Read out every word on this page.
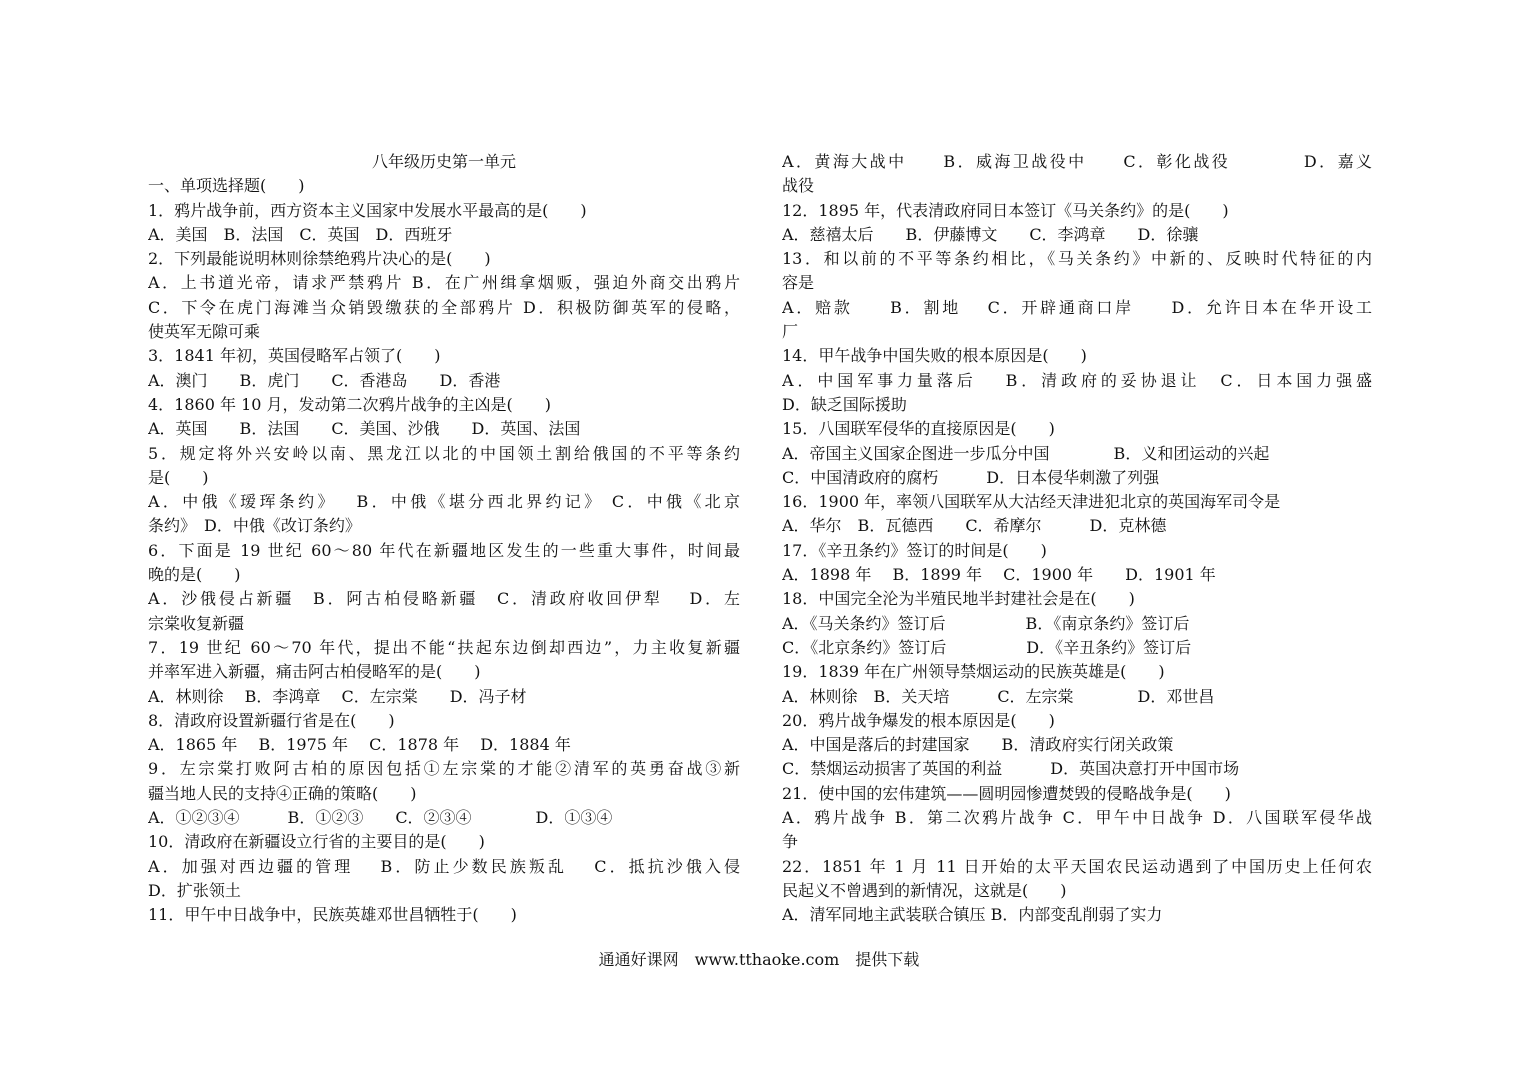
八年级历史第一单元
一、单项选择题(　　)
1．鸦片战争前，西方资本主义国家中发展水平最高的是(　　)
A．美国　B．法国　C．英国　D．西班牙
2．下列最能说明林则徐禁绝鸦片决心的是(　　)
A．上书道光帝，请求严禁鸦片 B．在广州缉拿烟贩，强迫外商交出鸦片
C．下令在虎门海滩当众销毁缴获的全部鸦片 D．积极防御英军的侵略，
使英军无隙可乘
3．1841 年初，英国侵略军占领了(　　)
A．澳门　　B．虎门　　C．香港岛　　D．香港
4．1860 年 10 月，发动第二次鸦片战争的主凶是(　　)
A．英国　　B．法国　　C．美国、沙俄　　D．英国、法国
5．规定将外兴安岭以南、黑龙江以北的中国领土割给俄国的不平等条约
是(　　)
A．中俄《瑷珲条约》　 B．中俄《堪分西北界约记》 C．中俄《北京
条约》　D．中俄《改订条约》
6．下面是 19 世纪 60～80 年代在新疆地区发生的一些重大事件，时间最
晚的是(　　)
A．沙俄侵占新疆　B．阿古柏侵略新疆　C．清政府收回伊犁　 D．左
宗棠收复新疆
7．19 世纪 60～70 年代，提出不能“扶起东边倒却西边”，力主收复新疆
并率军进入新疆，痛击阿古柏侵略军的是(　　)
A．林则徐　 B．李鸿章　 C．左宗棠　　D．冯子材
8．清政府设置新疆行省是在(　　)
A．1865 年　 B．1975 年　 C．1878 年　 D．1884 年
9．左宗棠打败阿古柏的原因包括①左宗棠的才能②清军的英勇奋战③新
疆当地人民的支持④正确的策略(　　)
A．①②③④　　　B．①②③　　C．②③④　　　　D．①③④
10．清政府在新疆设立行省的主要目的是(　　)
A．加强对西边疆的管理　 B．防止少数民族叛乱　 C．抵抗沙俄入侵
D．扩张领土
11．甲午中日战争中，民族英雄邓世昌牺牲于(　　)
A．黄海大战中　　B．威海卫战役中　　C．彰化战役　　　　D．嘉义
战役
12．1895 年，代表清政府同日本签订《马关条约》的是(　　)
A．慈禧太后　　B．伊藤博文　　C．李鸿章　　D．徐骧
13．和以前的不平等条约相比，《马关条约》中新的、反映时代特征的内
容是
A．赔款　　B．割地　 C．开辟通商口岸　　D．允许日本在华开设工
厂
14．甲午战争中国失败的根本原因是(　　)
A．中国军事力量落后　 B．清政府的妥协退让　C．日本国力强盛
D．缺乏国际援助
15．八国联军侵华的直接原因是(　　)
A．帝国主义国家企图进一步瓜分中国　　　　B．义和团运动的兴起
C．中国清政府的腐朽　　　D．日本侵华刺激了列强
16．1900 年，率领八国联军从大沽经天津进犯北京的英国海军司令是
A．华尔　B．瓦德西　　C．希摩尔　　　D．克林德
17．《辛丑条约》签订的时间是(　　)
A．1898 年　 B．1899 年　 C．1900 年　　D．1901 年
18．中国完全沦为半殖民地半封建社会是在(　　)
A．《马关条约》签订后　　　　　B．《南京条约》签订后
C．《北京条约》签订后　　　　　D．《辛丑条约》签订后
19．1839 年在广州领导禁烟运动的民族英雄是(　　)
A．林则徐　B．关天培　　　C．左宗棠　　　　D．邓世昌
20．鸦片战争爆发的根本原因是(　　)
A．中国是落后的封建国家　　B．清政府实行闭关政策
C．禁烟运动损害了英国的利益　　　D．英国决意打开中国市场
21．使中国的宏伟建筑——圆明园惨遭焚毁的侵略战争是(　　)
A．鸦片战争 B．第二次鸦片战争 C．甲午中日战争 D．八国联军侵华战
争
22．1851 年 1 月 11 日开始的太平天国农民运动遇到了中国历史上任何农
民起义不曾遇到的新情况，这就是(　　)
A．清军同地主武装联合镇压 B．内部变乱削弱了实力
通通好课网　www.tthaoke.com　提供下载
